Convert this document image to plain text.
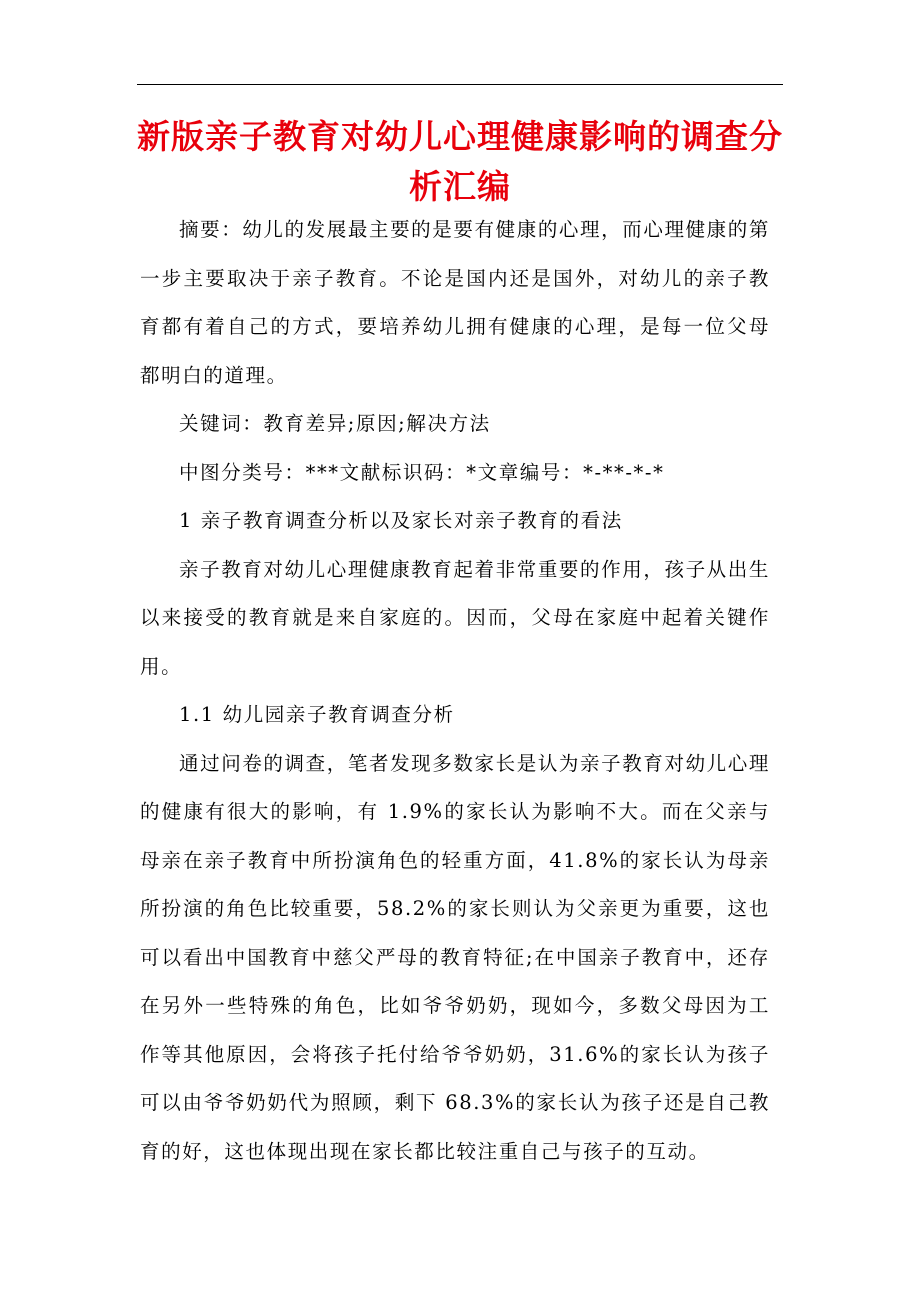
新版亲子教育对幼儿心理健康影响的调查分析汇编

摘要：幼儿的发展最主要的是要有健康的心理，而心理健康的第一步主要取决于亲子教育。不论是国内还是国外，对幼儿的亲子教育都有着自己的方式，要培养幼儿拥有健康的心理，是每一位父母都明白的道理。

关键词：教育差异;原因;解决方法

中图分类号：***文献标识码：*文章编号：*-**-*-*

1 亲子教育调查分析以及家长对亲子教育的看法

亲子教育对幼儿心理健康教育起着非常重要的作用，孩子从出生以来接受的教育就是来自家庭的。因而，父母在家庭中起着关键作用。

1.1 幼儿园亲子教育调查分析

通过问卷的调查，笔者发现多数家长是认为亲子教育对幼儿心理的健康有很大的影响，有 1.9%的家长认为影响不大。而在父亲与母亲在亲子教育中所扮演角色的轻重方面，41.8%的家长认为母亲所扮演的角色比较重要，58.2%的家长则认为父亲更为重要，这也可以看出中国教育中慈父严母的教育特征;在中国亲子教育中，还存在另外一些特殊的角色，比如爷爷奶奶，现如今，多数父母因为工作等其他原因，会将孩子托付给爷爷奶奶，31.6%的家长认为孩子可以由爷爷奶奶代为照顾，剩下 68.3%的家长认为孩子还是自己教育的好，这也体现出现在家长都比较注重自己与孩子的互动。
